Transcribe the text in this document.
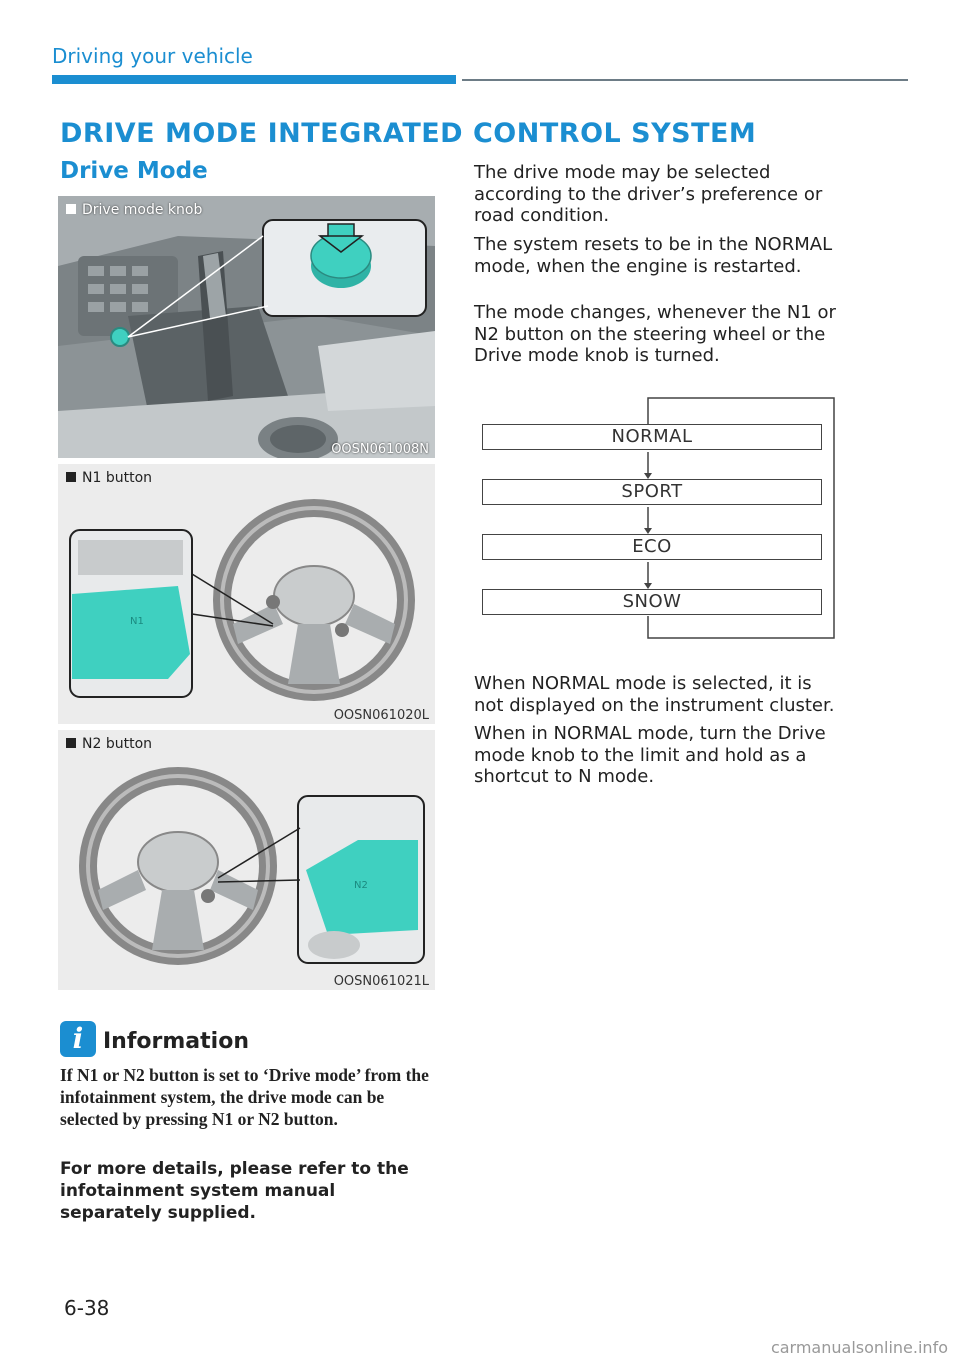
Driving your vehicle
DRIVE MODE INTEGRATED CONTROL SYSTEM
Drive Mode
Drive mode knob
OOSN061008N
N1
N1 button
OOSN061020L
N2
N2 button
OOSN061021L
i Information

If N1 or N2 button is set to ‘Drive mode’ from the infotainment system, the drive mode can be selected by pressing N1 or N2 button.

For more details, please refer to the infotainment system manual separately supplied.

The drive mode may be selected according to the driver’s preference or road condition.

The system resets to be in the NORMAL mode, when the engine is restarted.

The mode changes, whenever the N1 or N2 button on the steering wheel or the Drive mode knob is turned.

NORMAL
SPORT
ECO
SNOW

When NORMAL mode is selected, it is not displayed on the instrument cluster.

When in NORMAL mode, turn the Drive mode knob to the limit and hold as a shortcut to N mode.

6-38
carmanualsonline.info
